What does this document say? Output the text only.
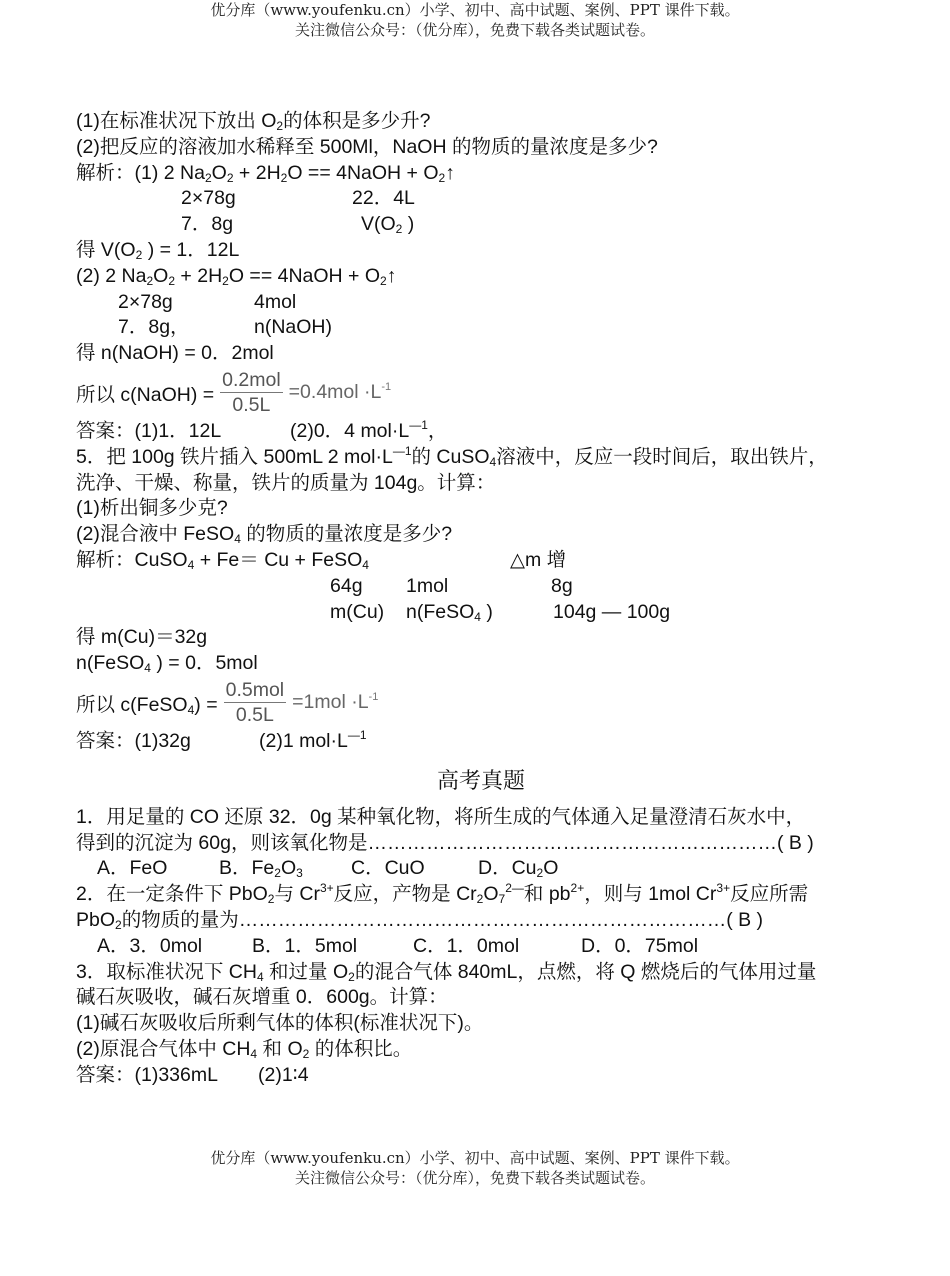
优分库（www.youfenku.cn）小学、初中、高中试题、案例、PPT 课件下载。
关注微信公众号：（优分库），免费下载各类试题试卷。
(1)在标准状况下放出 $O_2$的体积是多少升?
(2)把反应的溶液加水稀释至 500Ml，NaOH 的物质的量浓度是多少?
解析：(1) 2 $Na_2O_2 + 2H_2O$ == 4NaOH + $O_2↑$
2×78g	22．4L
7．8g	$V(O_2$ )
得 $V(O_2$ ) = 1．12L
(2) 2 $Na_2O_2 + 2H_2O$ == 4NaOH + $O_2↑$
2×78g	4mol
7．8g，	n(NaOH)
得 n(NaOH) = 0．2mol
所以 c(NaOH) = $\frac{\text{0.2mol}}{0.5L} =0.4mol \cdot L^{-1}$
答案：(1)1．12L	(2)0．4 $mol\cdot L^{—1}$，
5．把 100g 铁片插入 500mL 2 $mol\cdot L^{—1}$的 CuSO$_4$溶液中，反应一段时间后，取出铁片，
洗净、干燥、称量，铁片的质量为 104g。计算：
(1)析出铜多少克?
(2)混合液中 FeSO$_4$ 的物质的量浓度是多少?
解析：CuSO$_4$ + Fe＝ Cu + FeSO$_4$	△m 增
64g 1mol	8g
m(Cu) n(FeSO$_4$ )	104g — 100g
得 m(Cu)＝32g
n(FeSO$_4$ ) = 0．5mol
所以 c(FeSO$_4$) = $\frac{\text{0.5mol}}{0.5L} =1mol \cdot L^{-1}$
答案：(1)32g	(2)1 $mol\cdot L^{—1}$
高考真题
1．用足量的 CO 还原 32．0g 某种氧化物，将所生成的气体通入足量澄清石灰水中，
得到的沉淀为 60g，则该氧化物是………………………………………………………( B )
A．FeO	B．$Fe_2O_3$ C．CuO	D．$Cu_2O$
2．在一定条件下 PbO$_2$与 $Cr^{3+}$反应，产物是 $Cr_2O_7^{2—}$和 $pb^{2+}$，则与 1mol $Cr^{3+}$反应所需
PbO$_2$的物质的量为…………………………………………………………………( B )
A．3．0mol	B．1．5mol	C．1．0mol	D．0．75mol
3．取标准状况下 $CH_4$ 和过量 $O_2$的混合气体 840mL，点燃，将 Q 燃烧后的气体用过量
碱石灰吸收，碱石灰增重 0．600g。计算：
(1)碱石灰吸收后所剩气体的体积(标准状况下)。
(2)原混合气体中 $CH_4$ 和 $O_2$ 的体积比。
答案：(1)336mL (2)1∶4
优分库（www.youfenku.cn）小学、初中、高中试题、案例、PPT 课件下载。
关注微信公众号：（优分库），免费下载各类试题试卷。
